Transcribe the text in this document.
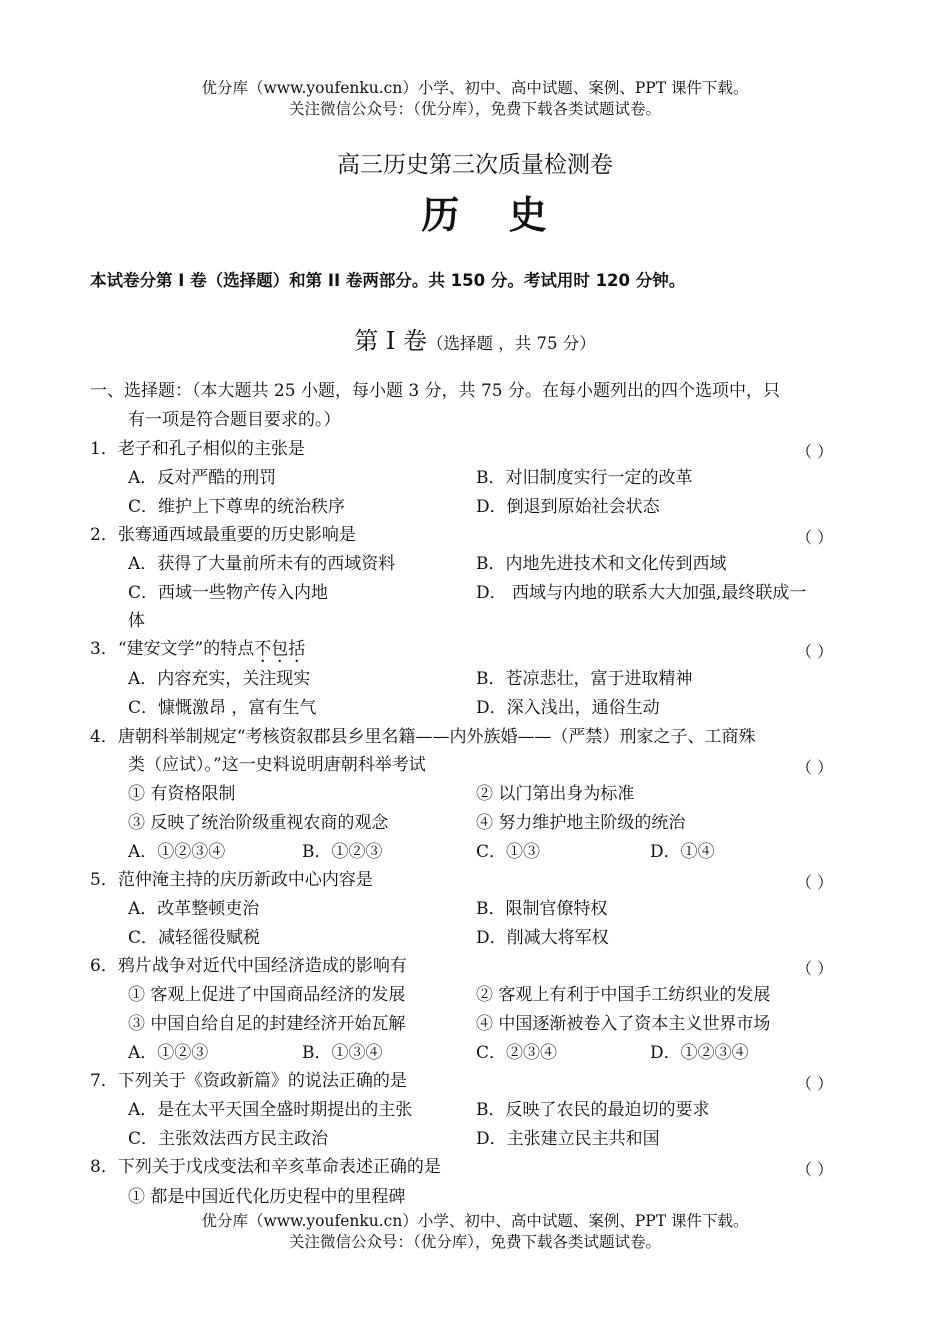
优分库（www.youfenku.cn）小学、初中、高中试题、案例、PPT 课件下载。
关注微信公众号：（优分库），免费下载各类试题试卷。
高三历史第三次质量检测卷
历 史
本试卷分第 I 卷（选择题）和第 II 卷两部分。共 150 分。考试用时 120 分钟。
第 I 卷（选择题 ，共 75 分）
一、选择题：（本大题共 25 小题，每小题 3 分，共 75 分。在每小题列出的四个选项中，只
有一项是符合题目要求的。）
1．老子和孔子相似的主张是	（ ）
A．反对严酷的刑罚	B．对旧制度实行一定的改革
C．维护上下尊卑的统治秩序	D．倒退到原始社会状态
2．张骞通西域最重要的历史影响是	（ ）
A．获得了大量前所未有的西域资料	B．内地先进技术和文化传到西域
C．西域一些物产传入内地	D． 西域与内地的联系大大加强,最终联成一
体
3．“建安文学”的特点不包括	（ ）
A．内容充实，关注现实	B．苍凉悲壮，富于进取精神
C．慷慨激昂 ，富有生气	D．深入浅出，通俗生动
4．唐朝科举制规定“考核资叙郡县乡里名籍——内外族婚——（严禁）刑家之子、工商殊
类（应试）。”这一史料说明唐朝科举考试	（ ）
① 有资格限制	② 以门第出身为标准
③ 反映了统治阶级重视农商的观念	④ 努力维护地主阶级的统治
A．①②③④	B．①②③	C．①③	D．①④
5．范仲淹主持的庆历新政中心内容是	（ ）
A．改革整顿吏治	B．限制官僚特权
C．减轻徭役赋税	D．削减大将军权
6．鸦片战争对近代中国经济造成的影响有	（ ）
① 客观上促进了中国商品经济的发展	② 客观上有利于中国手工纺织业的发展
③ 中国自给自足的封建经济开始瓦解	④ 中国逐渐被卷入了资本主义世界市场
A．①②③	B．①③④	C．②③④	D．①②③④
7．下列关于《资政新篇》的说法正确的是	（ ）
A．是在太平天国全盛时期提出的主张	B．反映了农民的最迫切的要求
C．主张效法西方民主政治	D．主张建立民主共和国
8．下列关于戊戌变法和辛亥革命表述正确的是	（ ）
① 都是中国近代化历史程中的里程碑
优分库（www.youfenku.cn）小学、初中、高中试题、案例、PPT 课件下载。
关注微信公众号：（优分库），免费下载各类试题试卷。
